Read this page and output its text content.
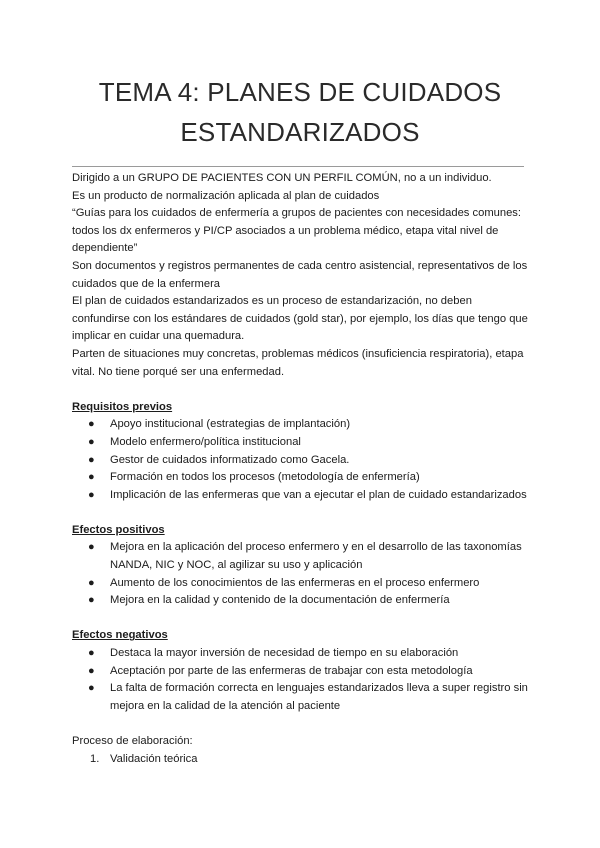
TEMA 4: PLANES DE CUIDADOS
ESTANDARIZADOS

Dirigido a un GRUPO DE PACIENTES CON UN PERFIL COMÚN, no a un individuo.

Es un producto de normalización aplicada al plan de cuidados

“Guías para los cuidados de enfermería a grupos de pacientes con necesidades comunes: todos los dx enfermeros y PI/CP asociados a un problema médico, etapa vital nivel de dependiente”

Son documentos y registros permanentes de cada centro asistencial, representativos de los cuidados que de la enfermera

El plan de cuidados estandarizados es un proceso de estandarización, no deben confundirse con los estándares de cuidados (gold star), por ejemplo, los días que tengo que implicar en cuidar una quemadura.

Parten de situaciones muy concretas, problemas médicos (insuficiencia respiratoria), etapa vital. No tiene porqué ser una enfermedad.

Requisitos previos

● Apoyo institucional (estrategias de implantación)
● Modelo enfermero/política institucional
● Gestor de cuidados informatizado como Gacela.
● Formación en todos los procesos (metodología de enfermería)
● Implicación de las enfermeras que van a ejecutar el plan de cuidado estandarizados

Efectos positivos

● Mejora en la aplicación del proceso enfermero y en el desarrollo de las taxonomías NANDA, NIC y NOC, al agilizar su uso y aplicación
● Aumento de los conocimientos de las enfermeras en el proceso enfermero
● Mejora en la calidad y contenido de la documentación de enfermería

Efectos negativos

● Destaca la mayor inversión de necesidad de tiempo en su elaboración
● Aceptación por parte de las enfermeras de trabajar con esta metodología
● La falta de formación correcta en lenguajes estandarizados lleva a super registro sin mejora en la calidad de la atención al paciente

Proceso de elaboración:

1. Validación teórica
